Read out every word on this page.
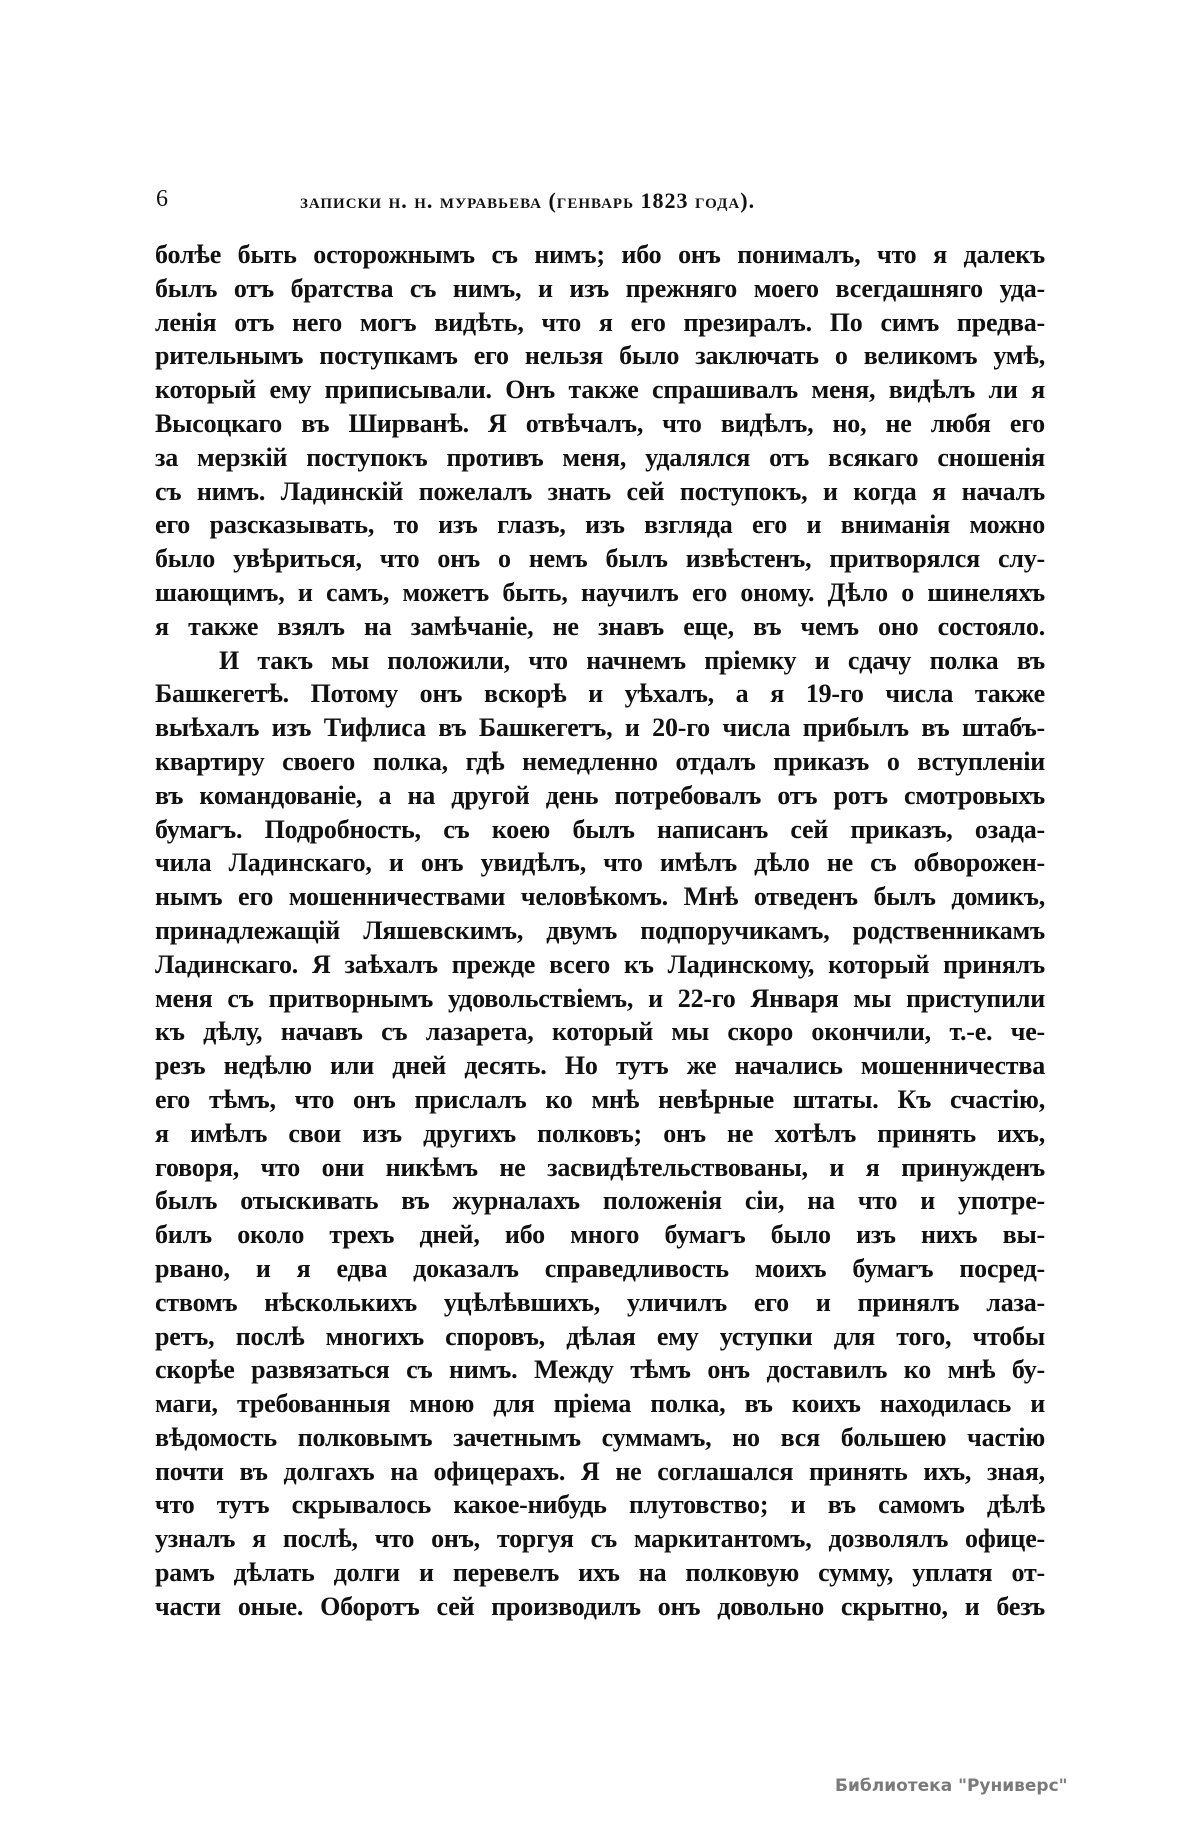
6	записки н. н. муравьева (генварь 1823 года).
болѣе быть осторожнымъ съ нимъ; ибо онъ понималъ, что я далекъ
былъ отъ братства съ нимъ, и изъ прежняго моего всегдашняго уда-
ленія отъ него могъ видѣть, что я его презиралъ. По симъ предва-
рительнымъ поступкамъ его нельзя было заключать о великомъ умѣ,
который ему приписывали. Онъ также спрашивалъ меня, видѣлъ ли я
Высоцкаго въ Ширванѣ. Я отвѣчалъ, что видѣлъ, но, не любя его
за мерзкій поступокъ противъ меня, удалялся отъ всякаго сношенія
съ нимъ. Ладинскій пожелалъ знать сей поступокъ, и когда я началъ
его разсказывать, то изъ глазъ, изъ взгляда его и вниманія можно
было увѣриться, что онъ о немъ былъ извѣстенъ, притворялся слу-
шающимъ, и самъ, можетъ быть, научилъ его оному. Дѣло о шинеляхъ
я также взялъ на замѣчаніе, не знавъ еще, въ чемъ оно состояло.
И такъ мы положили, что начнемъ пріемку и сдачу полка въ
Башкегетѣ. Потому онъ вскорѣ и уѣхалъ, а я 19-го числа также
выѣхалъ изъ Тифлиса въ Башкегетъ, и 20-го числа прибылъ въ штабъ-
квартиру своего полка, гдѣ немедленно отдалъ приказъ о вступленіи
въ командованіе, а на другой день потребовалъ отъ ротъ смотровыхъ
бумагъ. Подробность, съ коею былъ написанъ сей приказъ, озада-
чила Ладинскаго, и онъ увидѣлъ, что имѣлъ дѣло не съ обворожен-
нымъ его мошенничествами человѣкомъ. Мнѣ отведенъ былъ домикъ,
принадлежащій Ляшевскимъ, двумъ подпоручикамъ, родственникамъ
Ладинскаго. Я заѣхалъ прежде всего къ Ладинскому, который принялъ
меня съ притворнымъ удовольствіемъ, и 22-го Января мы приступили
къ дѣлу, начавъ съ лазарета, который мы скоро окончили, т.-е. че-
резъ недѣлю или дней десять. Но тутъ же начались мошенничества
его тѣмъ, что онъ прислалъ ко мнѣ невѣрные штаты. Къ счастію,
я имѣлъ свои изъ другихъ полковъ; онъ не хотѣлъ принять ихъ,
говоря, что они никѣмъ не засвидѣтельствованы, и я принужденъ
былъ отыскивать въ журналахъ положенія сіи, на что и употре-
билъ около трехъ дней, ибо много бумагъ было изъ нихъ вы-
рвано, и я едва доказалъ справедливость моихъ бумагъ посред-
ствомъ нѣсколькихъ уцѣлѣвшихъ, уличилъ его и принялъ лаза-
ретъ, послѣ многихъ споровъ, дѣлая ему уступки для того, чтобы
скорѣе развязаться съ нимъ. Между тѣмъ онъ доставилъ ко мнѣ бу-
маги, требованныя мною для пріема полка, въ коихъ находилась и
вѣдомость полковымъ зачетнымъ суммамъ, но вся большею частію
почти въ долгахъ на офицерахъ. Я не соглашался принять ихъ, зная,
что тутъ скрывалось какое-нибудь плутовство; и въ самомъ дѣлѣ
узналъ я послѣ, что онъ, торгуя съ маркитантомъ, дозволялъ офице-
рамъ дѣлать долги и перевелъ ихъ на полковую сумму, уплатя от-
части оные. Оборотъ сей производилъ онъ довольно скрытно, и безъ
Библиотека "Руниверс"
